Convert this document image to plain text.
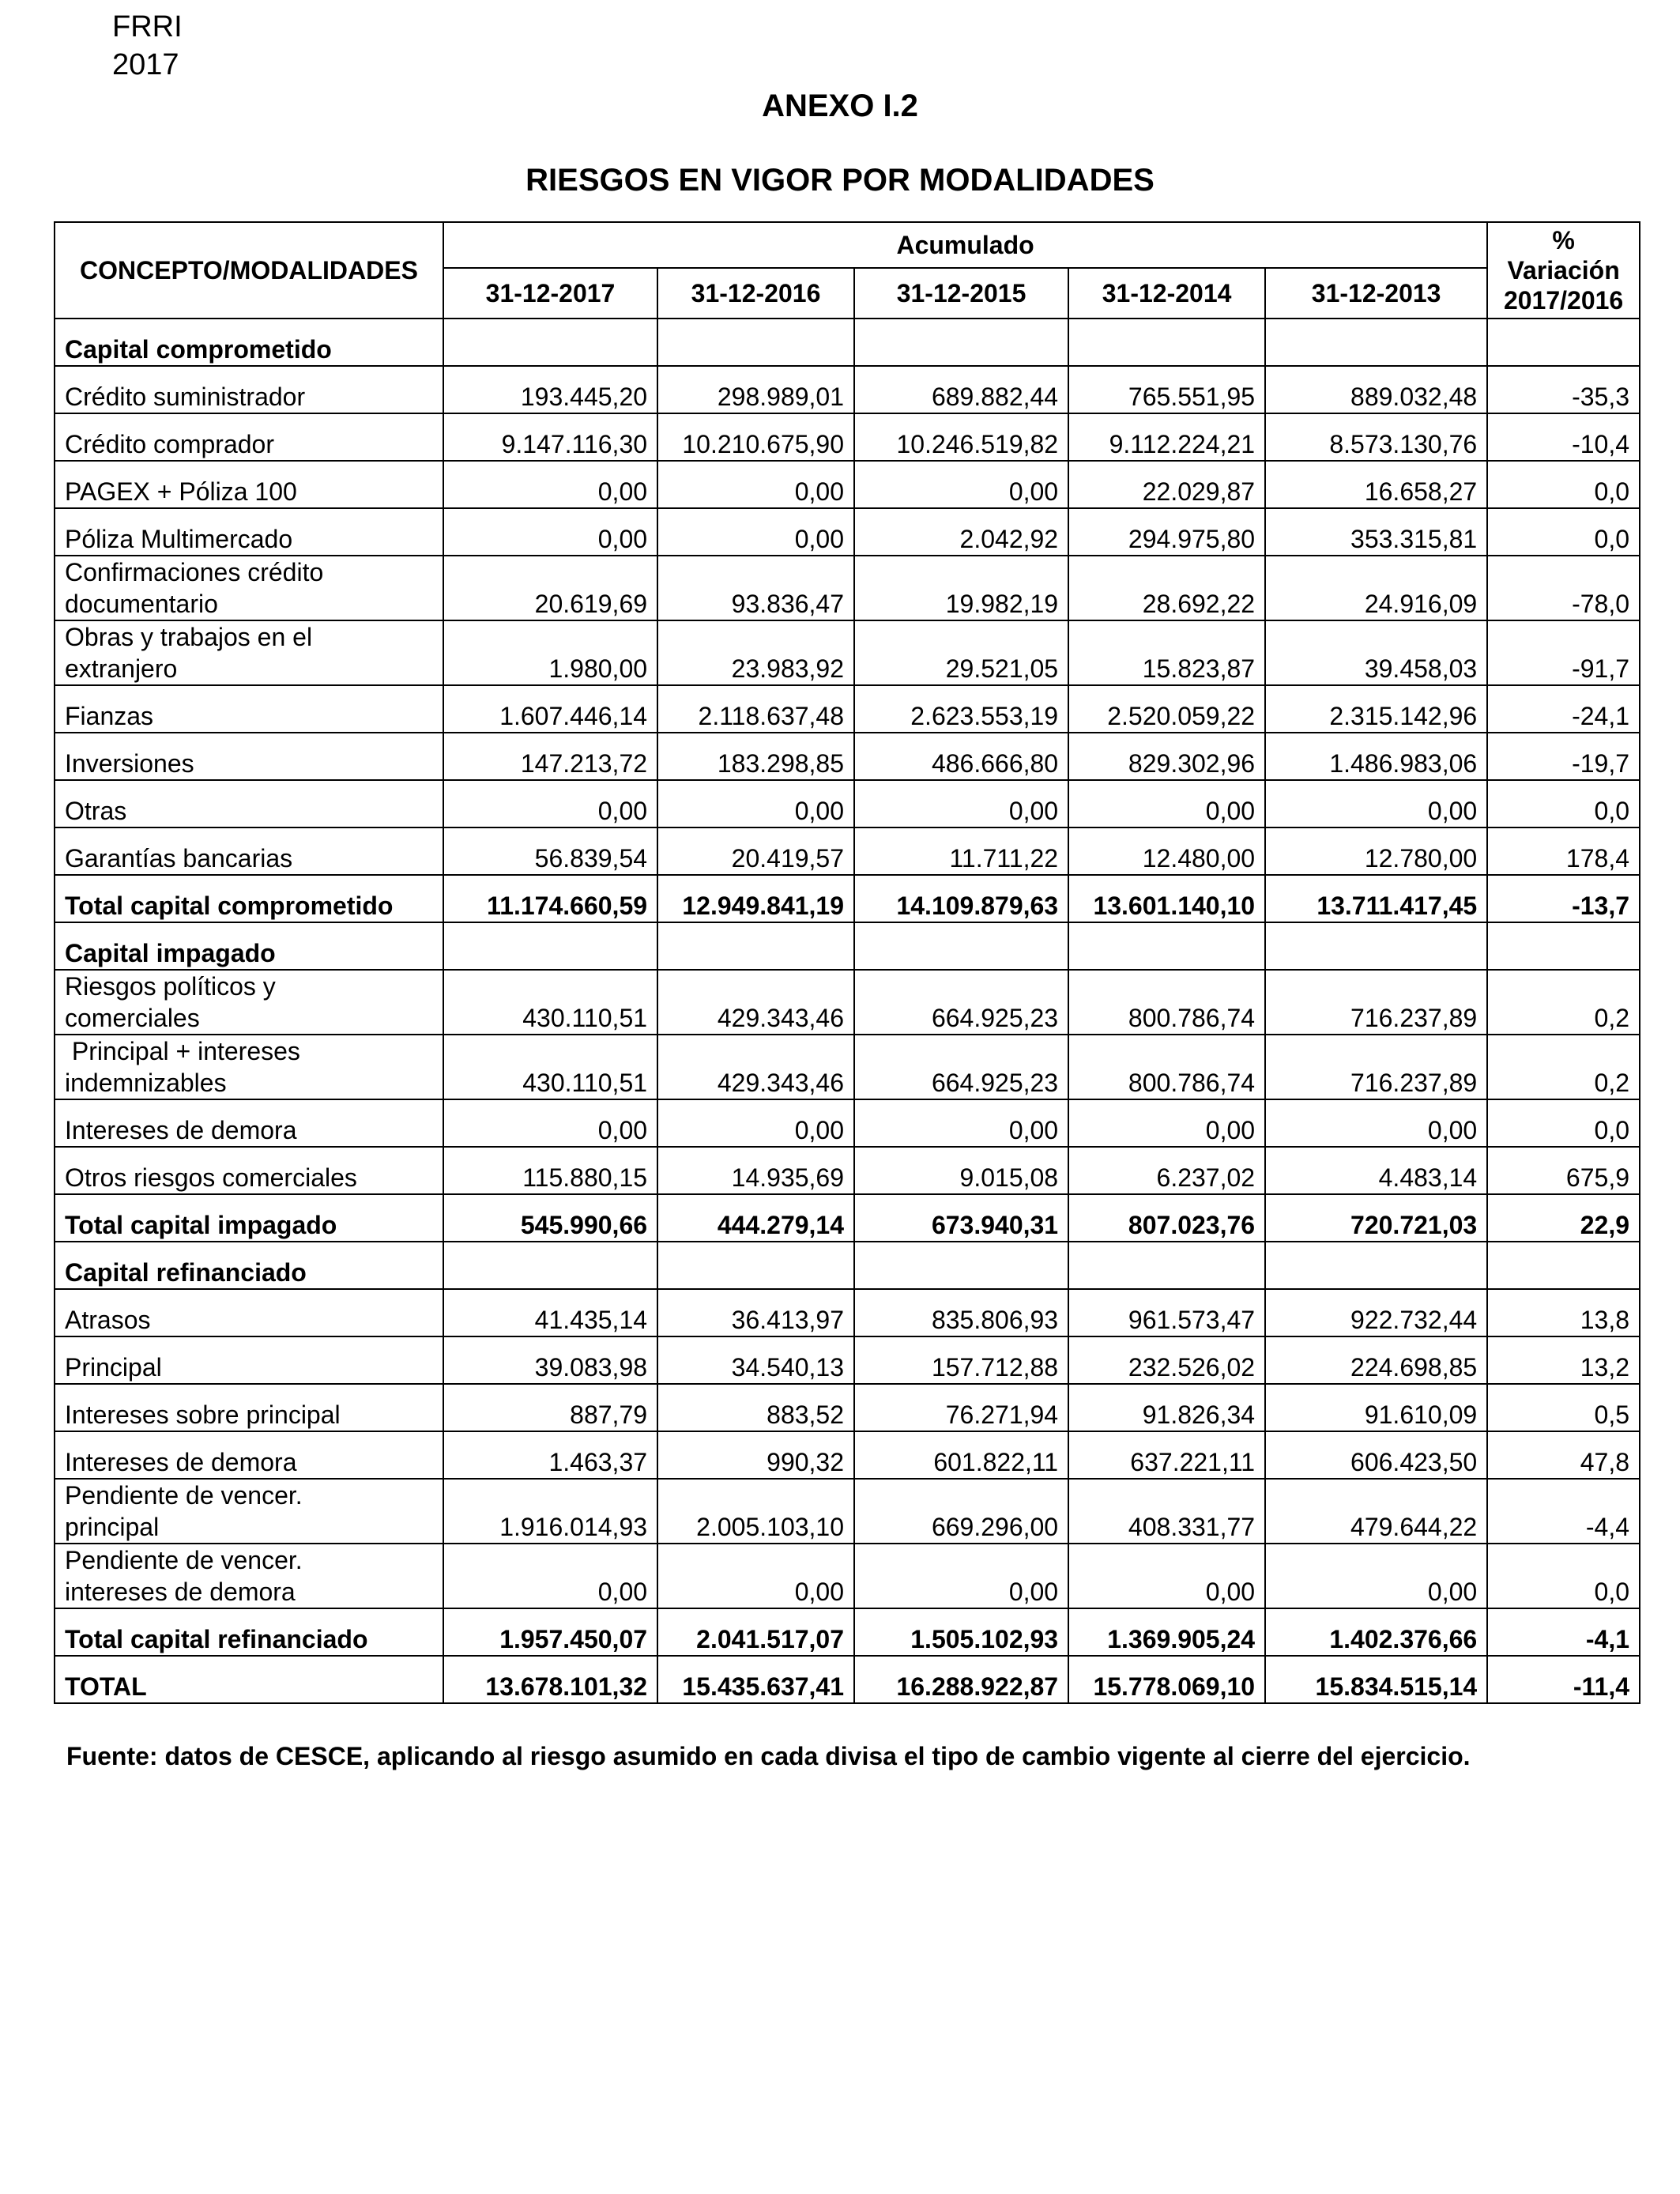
FRRI
2017
ANEXO I.2
RIESGOS EN VIGOR POR MODALIDADES
CONCEPTO/MODALIDADES	Acumulado					%
Variación
2017/2016

	31-12-2017	31-12-2016	31-12-2015	31-12-2014	31-12-2013	
Capital comprometido						
Crédito suministrador	193.445,20	298.989,01	689.882,44	765.551,95	889.032,48	-35,3
Crédito comprador	9.147.116,30	10.210.675,90	10.246.519,82	9.112.224,21	8.573.130,76	-10,4
PAGEX + Póliza 100	0,00	0,00	0,00	22.029,87	16.658,27	0,0
Póliza Multimercado	0,00	0,00	2.042,92	294.975,80	353.315,81	0,0

Confirmaciones crédito
documentario	20.619,69	93.836,47	19.982,19	28.692,22	24.916,09	-78,0

Obras y trabajos en el
extranjero	1.980,00	23.983,92	29.521,05	15.823,87	39.458,03	-91,7
Fianzas	1.607.446,14	2.118.637,48	2.623.553,19	2.520.059,22	2.315.142,96	-24,1
Inversiones	147.213,72	183.298,85	486.666,80	829.302,96	1.486.983,06	-19,7
Otras	0,00	0,00	0,00	0,00	0,00	0,0
Garantías bancarias	56.839,54	20.419,57	11.711,22	12.480,00	12.780,00	178,4
Total capital comprometido	11.174.660,59	12.949.841,19	14.109.879,63	13.601.140,10	13.711.417,45	-13,7
Capital impagado						

Riesgos políticos y
comerciales	430.110,51	429.343,46	664.925,23	800.786,74	716.237,89	0,2

Principal + intereses
indemnizables	430.110,51	429.343,46	664.925,23	800.786,74	716.237,89	0,2
Intereses de demora	0,00	0,00	0,00	0,00	0,00	0,0
Otros riesgos comerciales	115.880,15	14.935,69	9.015,08	6.237,02	4.483,14	675,9
Total capital impagado	545.990,66	444.279,14	673.940,31	807.023,76	720.721,03	22,9
Capital refinanciado						
Atrasos	41.435,14	36.413,97	835.806,93	961.573,47	922.732,44	13,8
Principal	39.083,98	34.540,13	157.712,88	232.526,02	224.698,85	13,2
Intereses sobre principal	887,79	883,52	76.271,94	91.826,34	91.610,09	0,5
Intereses de demora	1.463,37	990,32	601.822,11	637.221,11	606.423,50	47,8

Pendiente de vencer.
principal	1.916.014,93	2.005.103,10	669.296,00	408.331,77	479.644,22	-4,4

Pendiente de vencer.
intereses de demora	0,00	0,00	0,00	0,00	0,00	0,0
Total capital refinanciado	1.957.450,07	2.041.517,07	1.505.102,93	1.369.905,24	1.402.376,66	-4,1
TOTAL	13.678.101,32	15.435.637,41	16.288.922,87	15.778.069,10	15.834.515,14	-11,4
Fuente: datos de CESCE, aplicando al riesgo asumido en cada divisa el tipo de cambio vigente al cierre del ejercicio.
